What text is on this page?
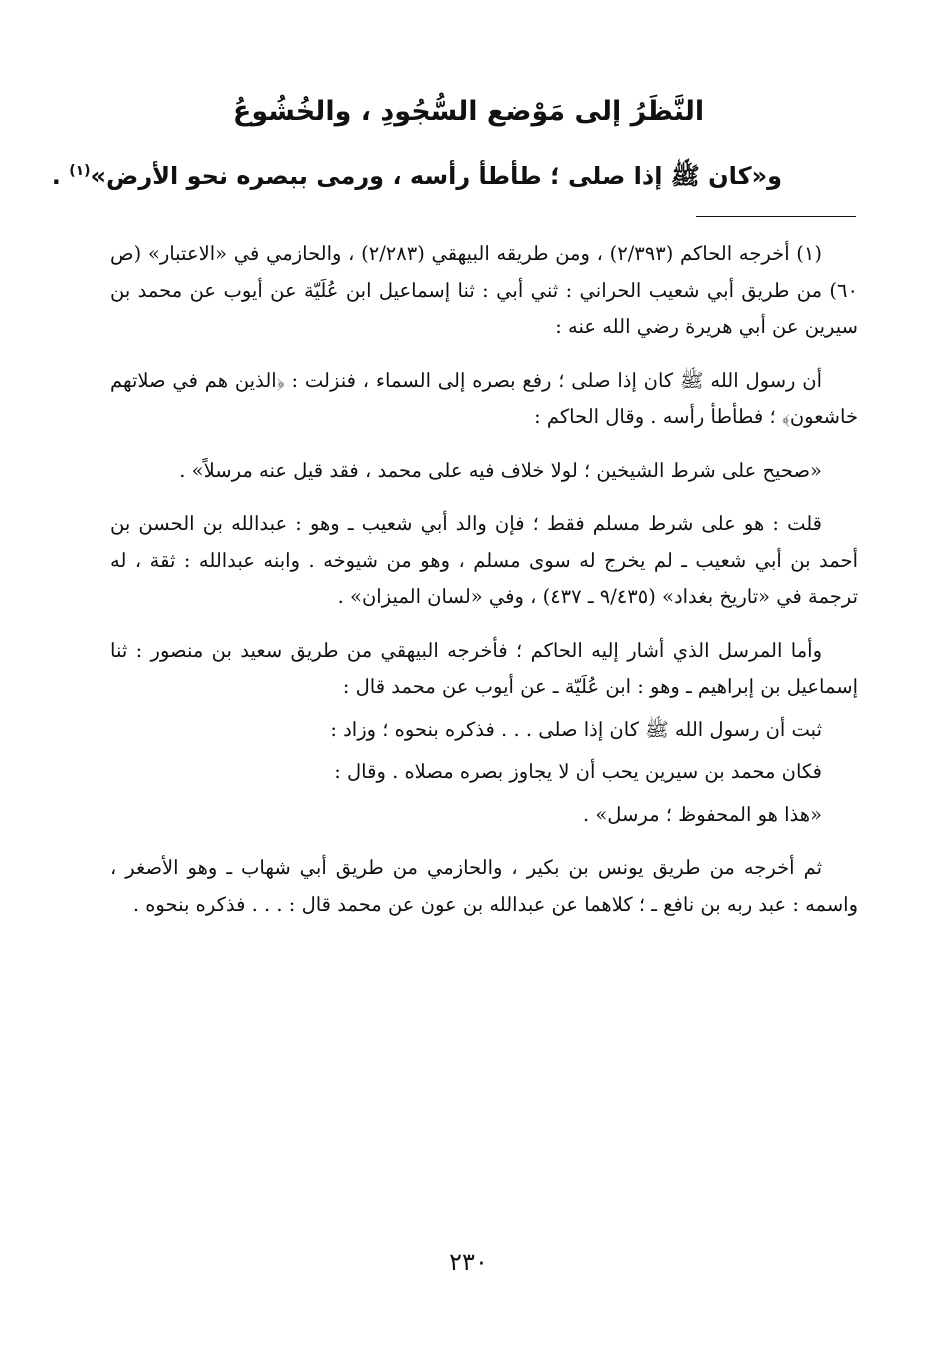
النَّظَرُ إلى مَوْضع السُّجُودِ ، والخُشُوعُ
و«كان ﷺ إذا صلى ؛ طأطأ رأسه ، ورمى ببصره نحو الأرض»$^{(١)}$ .

(١) أخرجه الحاكم (٢/٣٩٣) ، ومن طريقه البيهقي (٢/٢٨٣) ، والحازمي في «الاعتبار» (ص ٦٠) من طريق أبي شعيب الحراني : ثني أبي : ثنا إسماعيل ابن عُلَيّة عن أيوب عن محمد بن سيرين عن أبي هريرة رضي الله عنه :

أن رسول الله ﷺ كان إذا صلى ؛ رفع بصره إلى السماء ، فنزلت : ﴿الذين هم في صلاتهم خاشعون﴾ ؛ فطأطأ رأسه . وقال الحاكم :

«صحيح على شرط الشيخين ؛ لولا خلاف فيه على محمد ، فقد قيل عنه مرسلاً» .

قلت : هو على شرط مسلم فقط ؛ فإن والد أبي شعيب ـ وهو : عبدالله بن الحسن بن أحمد بن أبي شعيب ـ لم يخرج له سوى مسلم ، وهو من شيوخه . وابنه عبدالله : ثقة ، له ترجمة في «تاريخ بغداد» (٩/٤٣٥ ـ ٤٣٧) ، وفي «لسان الميزان» .

وأما المرسل الذي أشار إليه الحاكم ؛ فأخرجه البيهقي من طريق سعيد بن منصور : ثنا إسماعيل بن إبراهيم ـ وهو : ابن عُلَيّة ـ عن أيوب عن محمد قال :

ثبت أن رسول الله ﷺ كان إذا صلى . . . فذكره بنحوه ؛ وزاد :

فكان محمد بن سيرين يحب أن لا يجاوز بصره مصلاه . وقال :

«هذا هو المحفوظ ؛ مرسل» .

ثم أخرجه من طريق يونس بن بكير ، والحازمي من طريق أبي شهاب ـ وهو الأصغر ، واسمه : عبد ربه بن نافع ـ ؛ كلاهما عن عبدالله بن عون عن محمد قال : . . . فذكره بنحوه .

٢٣٠
